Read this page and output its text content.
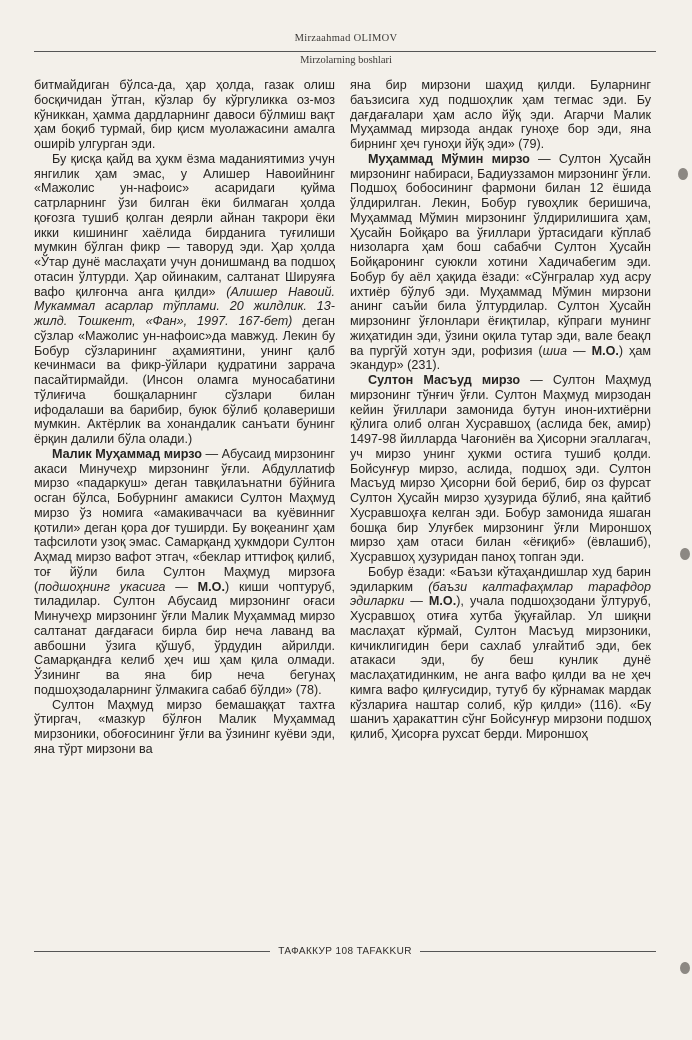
Mirzaahmad OLIMOV
Mirzolarning boshlari

битмайдиган бўлса-да, ҳар ҳолда, газак олиш босқичидан ўтган, кўзлар бу кўргуликка оз-моз кўниккан, ҳамма дардларнинг давоси бўлмиш вақт ҳам боқиб турмай, бир қисм муолажасини амалга оширib улгурган эди.

Бу қисқа қайд ва ҳукм ёзма маданиятимиз учун янгилик ҳам эмас, у Алишер Навоийнинг «Мажолис ун-нафоис» асаридаги қуйма сатрларнинг ўзи билган ёки билмаган ҳолда қоғозга тушиб қолган деярли айнан такрори ёки икки кишининг хаёлида бирданига туғилиши мумкин бўлган фикр — таворуд эди. Ҳар ҳолда «Ўтар дунё маслаҳати учун донишманд ва подшоҳ отасин ўлтурди. Ҳар ойинаким, салтанат Шируяға вафо қилғонча анга қилди» (Алишер Навоий. Мукаммал асарлар тўплами. 20 жилдлик. 13-жилд. Тошкент, «Фан», 1997. 167-бет) деган сўзлар «Мажолис ун-нафоис»да мавжуд. Лекин бу Бобур сўзларининг аҳамиятини, унинг қалб кечинмаси ва фикр-ўйлари қудратини заррача пасайтирмайди. (Инсон оламга муносабатини тўлиғича бошқаларнинг сўзлари билан ифодалаши ва барибир, буюк бўлиб қолавериши мумкин. Актёрлик ва хонандалик санъати бунинг ёрқин далили бўла олади.)

Малик Муҳаммад мирзо — Абусаид мирзонинг акаси Минучеҳр мирзонинг ўғли. Абдуллатиф мирзо «падаркуш» деган тавқилаънатни бўйнига осган бўлса, Бобурнинг амакиси Султон Маҳмуд мирзо ўз номига «амакиваччаси ва куёвинниг қотили» деган қора доғ туширди. Бу воқеанинг ҳам тафсилоти узоқ эмас. Самарқанд ҳукмдори Султон Аҳмад мирзо вафот этгач, «беклар иттифоқ қилиб, тоғ йўли била Султон Маҳмуд мирзоға (подшоҳнинг укасига — М.О.) киши чоптуруб, тиладилар. Султон Абусаид мирзонинг оғаси Минучеҳр мирзонинг ўғли Малик Муҳаммад мирзо салтанат дағдағаси бирла бир неча лаванд ва авбошни ўзига қўшуб, ўрдудин айрилди. Самарқандға келиб ҳеч иш ҳам қила олмади. Ўзининг ва яна бир неча бегунаҳ подшоҳзодаларнинг ўлмакига сабаб бўлди» (78).

Султон Маҳмуд мирзо бемашаққат тахтға ўтиргач, «мазкур бўлғон Малик Муҳаммад мирзоники, обоғосининг ўғли ва ўзининг куёви эди, яна тўрт мирзони ва

яна бир мирзони шаҳид қилди. Буларнинг баъзисига худ подшоҳлик ҳам тегмас эди. Бу дағдағалари ҳам асло йўқ эди. Агарчи Малик Муҳаммад мирзода андак гуноҳе бор эди, яна бирнинг ҳеч гуноҳи йўқ эди» (79).

Муҳаммад Мўмин мирзо — Султон Ҳусайн мирзонинг набираси, Бадиуззамон мирзонинг ўғли. Подшоҳ бобосининг фармони билан 12 ёшида ўлдирилган. Лекин, Бобур гувоҳлик беришича, Муҳаммад Мўмин мирзонинг ўлдирилишига ҳам, Ҳусайн Бойқаро ва ўғиллари ўртасидаги кўплаб низоларга ҳам бош сабабчи Султон Ҳусайн Бойқаронинг суюкли хотини Хадичабегим эди. Бобур бу аёл ҳақида ёзади: «Сўнгралар худ асру ихтиёр бўлуб эди. Муҳаммад Мўмин мирзони анинг саъйи била ўлтурдилар. Султон Ҳусайн мирзонинг ўғлонлари ёғиқтилар, кўпраги мунинг жиҳатидин эди, ўзини оқила тутар эди, вале беақл ва пургўй хотун эди, рофизия (шиа — М.О.) ҳам экандур» (231).

Султон Масъуд мирзо — Султон Маҳмуд мирзонинг тўнғич ўғли. Султон Маҳмуд мирзодан кейин ўғиллари замонида бутун инон-ихтиёрни қўлига олиб олган Хусравшоҳ (аслида бек, амир) 1497-98 йилларда Чағониён ва Ҳисорни эгаллагач, уч мирзо унинг ҳукми остига тушиб қолди. Бойсунғур мирзо, аслида, подшоҳ эди. Султон Масъуд мирзо Ҳисорни бой бериб, бир оз фурсат Султон Ҳусайн мирзо ҳузурида бўлиб, яна қайтиб Хусравшоҳға келган эди. Бобур замонида яшаган бошқа бир Улуғбек мирзонинг ўғли Мироншоҳ мирзо ҳам отаси билан «ёғиқиб» (ёвлашиб), Хусравшоҳ ҳузуридан паноҳ топган эди.

Бобур ёзади: «Баъзи кўтаҳандишлар худ барин эдиларким (баъзи калтафаҳмлар тарафдор эдиларки — М.О.), учала подшоҳзодани ўлтуруб, Хусравшоҳ отиға хутба ўқуғайлар. Ул шиқни маслаҳат кўрмай, Султон Масъуд мирзоники, кичиклигидин бери сахлаб улғайтиб эди, бек атакаси эди, бу беш кунлик дунё маслаҳатидинким, не анга вафо қилди ва не ҳеч кимга вафо қилғусидир, тутуб бу кўрнамак мардак кўзлариға наштар солиб, кўр қилди» (116). «Бу шаниъ ҳаракаттин сўнг Бойсунғур мирзони подшоҳ қилиб, Ҳисорға рухсат берди. Мироншоҳ

ТАФАККУР 108 TAFAKKUR
